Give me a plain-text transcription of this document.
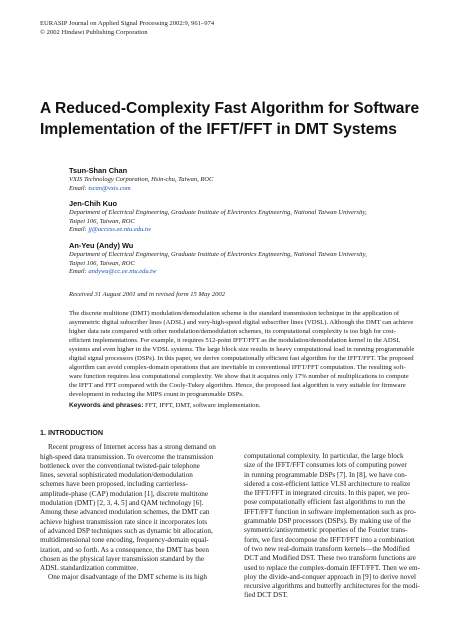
EURASIP Journal on Applied Signal Processing 2002:9, 961–974
© 2002 Hindawi Publishing Corporation
A Reduced-Complexity Fast Algorithm for Software
Implementation of the IFFT/FFT in DMT Systems
Tsun-Shan Chan
VXIS Technology Corporation, Hsin-chu, Taiwan, ROC
Email: tscan@vxis.com
Jen-Chih Kuo
Department of Electrical Engineering, Graduate Institute of Electronics Engineering, National Taiwan University,
Taipei 106, Taiwan, ROC
Email: jj@access.ee.ntu.edu.tw
An-Yeu (Andy) Wu
Department of Electrical Engineering, Graduate Institute of Electronics Engineering, National Taiwan University,
Taipei 106, Taiwan, ROC
Email: andywu@cc.ee.ntu.edu.tw
Received 31 August 2001 and in revised form 15 May 2002
The discrete multitone (DMT) modulation/demodulation scheme is the standard transmission technique in the application of
asymmetric digital subscriber lines (ADSL) and very-high-speed digital subscriber lines (VDSL). Although the DMT can achieve
higher data rate compared with other modulation/demodulation schemes, its computational complexity is too high for cost-
efficient implementations. For example, it requires 512-point IFFT/FFT as the modulation/demodulation kernel in the ADSL
systems and even higher in the VDSL systems. The large block size results in heavy computational load in running programmable
digital signal processors (DSPs). In this paper, we derive computationally efficient fast algorithm for the IFFT/FFT. The proposed
algorithm can avoid complex-domain operations that are inevitable in conventional IFFT/FFT computation. The resulting soft-
ware function requires less computational complexity. We show that it acquires only 17% number of multiplications to compute
the IFFT and FFT compared with the Cooly-Tukey algorithm. Hence, the proposed fast algorithm is very suitable for firmware
development in reducing the MIPS count in programmable DSPs.
Keywords and phrases: FFT, IFFT, DMT, software implementation.
1. INTRODUCTION
Recent progress of Internet access has a strong demand on
high-speed data transmission. To overcome the transmission
bottleneck over the conventional twisted-pair telephone
lines, several sophisticated modulation/demodulation
schemes have been proposed, including carrierless-
amplitude-phase (CAP) modulation [1], discrete multitone
modulation (DMT) [2, 3, 4, 5] and QAM technology [6].
Among these advanced modulation schemes, the DMT can
achieve highest transmission rate since it incorporates lots
of advanced DSP techniques such as dynamic bit allocation,
multidimensional tone encoding, frequency-domain equal-
ization, and so forth. As a consequence, the DMT has been
chosen as the physical layer transmission standard by the
ADSL standardization committee.
One major disadvantage of the DMT scheme is its high
computational complexity. In particular, the large block
size of the IFFT/FFT consumes lots of computing power
in running programmable DSPs [7]. In [8], we have con-
sidered a cost-efficient lattice VLSI architecture to realize
the IFFT/FFT in integrated circuits. In this paper, we pro-
pose computationally efficient fast algorithms to run the
IFFT/FFT function in software implementation such as pro-
grammable DSP processors (DSPs). By making use of the
symmetric/antisymmetric properties of the Fourier trans-
form, we first decompose the IFFT/FFT into a combination
of two new real-domain transform kernels—the Modified
DCT and Modified DST. These two transform functions are
used to replace the complex-domain IFFT/FFT. Then we em-
ploy the divide-and-conquer approach in [9] to derive novel
recursive algorithms and butterfly architectures for the modi-
fied DCT DST.
